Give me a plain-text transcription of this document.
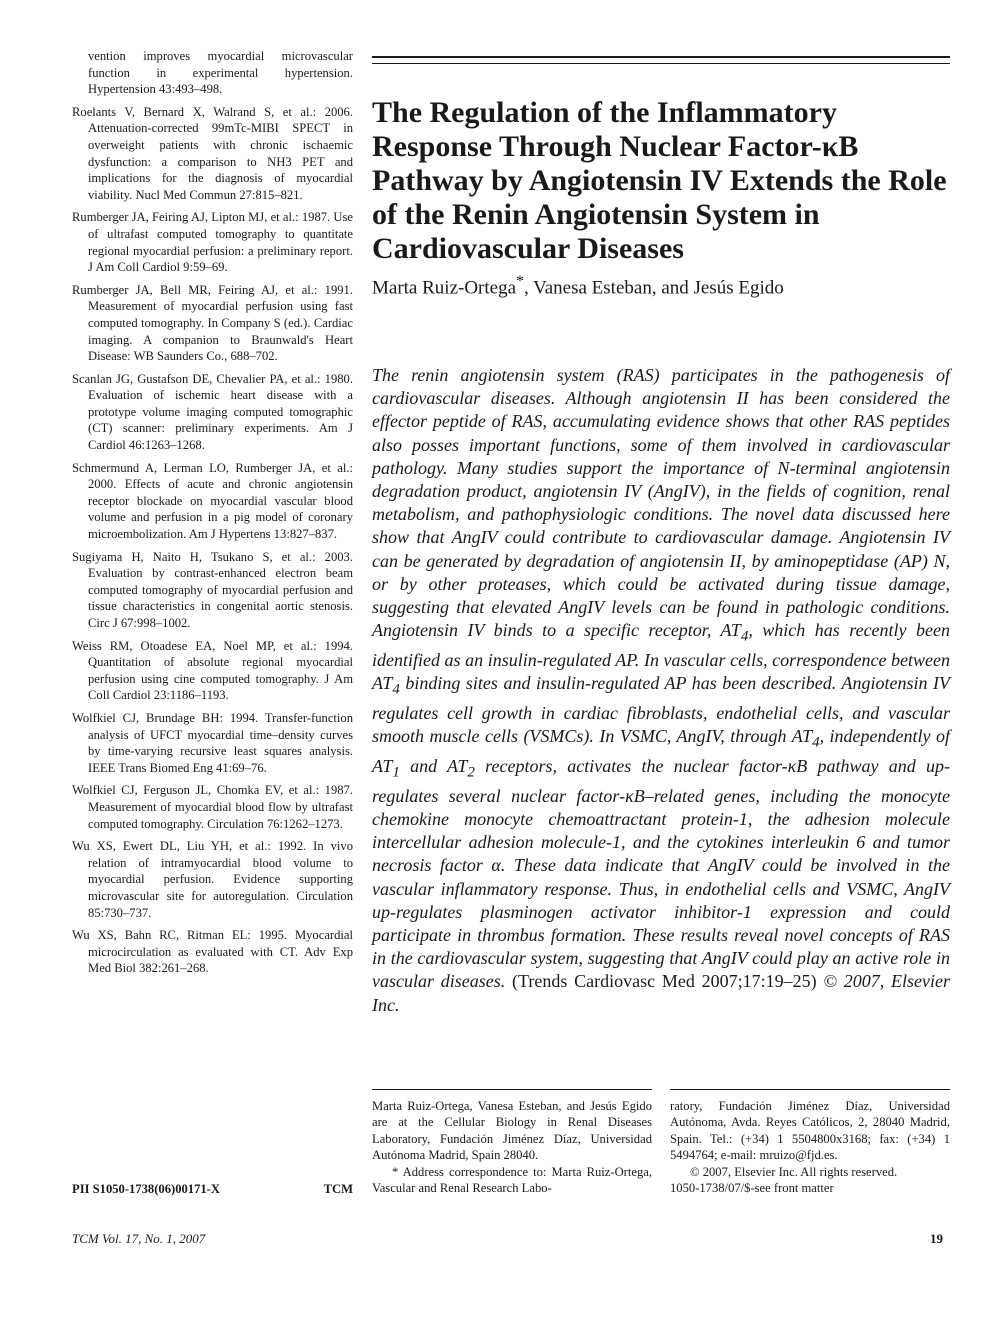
vention improves myocardial microvascular function in experimental hypertension. Hypertension 43:493–498.

Roelants V, Bernard X, Walrand S, et al.: 2006. Attenuation-corrected 99mTc-MIBI SPECT in overweight patients with chronic ischaemic dysfunction: a comparison to NH3 PET and implications for the diagnosis of myocardial viability. Nucl Med Commun 27:815–821.

Rumberger JA, Feiring AJ, Lipton MJ, et al.: 1987. Use of ultrafast computed tomography to quantitate regional myocardial perfusion: a preliminary report. J Am Coll Cardiol 9:59–69.

Rumberger JA, Bell MR, Feiring AJ, et al.: 1991. Measurement of myocardial perfusion using fast computed tomography. In Company S (ed.). Cardiac imaging. A companion to Braunwald's Heart Disease: WB Saunders Co., 688–702.

Scanlan JG, Gustafson DE, Chevalier PA, et al.: 1980. Evaluation of ischemic heart disease with a prototype volume imaging computed tomographic (CT) scanner: preliminary experiments. Am J Cardiol 46:1263–1268.

Schmermund A, Lerman LO, Rumberger JA, et al.: 2000. Effects of acute and chronic angiotensin receptor blockade on myocardial vascular blood volume and perfusion in a pig model of coronary microembolization. Am J Hypertens 13:827–837.

Sugiyama H, Naito H, Tsukano S, et al.: 2003. Evaluation by contrast-enhanced electron beam computed tomography of myocardial perfusion and tissue characteristics in congenital aortic stenosis. Circ J 67:998–1002.

Weiss RM, Otoadese EA, Noel MP, et al.: 1994. Quantitation of absolute regional myocardial perfusion using cine computed tomography. J Am Coll Cardiol 23:1186–1193.

Wolfkiel CJ, Brundage BH: 1994. Transfer-function analysis of UFCT myocardial time–density curves by time-varying recursive least squares analysis. IEEE Trans Biomed Eng 41:69–76.

Wolfkiel CJ, Ferguson JL, Chomka EV, et al.: 1987. Measurement of myocardial blood flow by ultrafast computed tomography. Circulation 76:1262–1273.

Wu XS, Ewert DL, Liu YH, et al.: 1992. In vivo relation of intramyocardial blood volume to myocardial perfusion. Evidence supporting microvascular site for autoregulation. Circulation 85:730–737.

Wu XS, Bahn RC, Ritman EL: 1995. Myocardial microcirculation as evaluated with CT. Adv Exp Med Biol 382:261–268.

PII S1050-1738(06)00171-X	TCM
The Regulation of the Inflammatory Response Through Nuclear Factor-κB Pathway by Angiotensin IV Extends the Role of the Renin Angiotensin System in Cardiovascular Diseases

Marta Ruiz-Ortega*, Vanesa Esteban, and Jesús Egido

The renin angiotensin system (RAS) participates in the pathogenesis of cardiovascular diseases. Although angiotensin II has been considered the effector peptide of RAS, accumulating evidence shows that other RAS peptides also posses important functions, some of them involved in cardiovascular pathology. Many studies support the importance of N-terminal angiotensin degradation product, angiotensin IV (AngIV), in the fields of cognition, renal metabolism, and pathophysiologic conditions. The novel data discussed here show that AngIV could contribute to cardiovascular damage. Angiotensin IV can be generated by degradation of angiotensin II, by aminopeptidase (AP) N, or by other proteases, which could be activated during tissue damage, suggesting that elevated AngIV levels can be found in pathologic conditions. Angiotensin IV binds to a specific receptor, $AT_4$, which has recently been identified as an insulin-regulated AP. In vascular cells, correspondence between $AT_4$ binding sites and insulin-regulated AP has been described. Angiotensin IV regulates cell growth in cardiac fibroblasts, endothelial cells, and vascular smooth muscle cells (VSMCs). In VSMC, AngIV, through $AT_4$, independently of $AT_1$ and $AT_2$ receptors, activates the nuclear factor-κB pathway and up-regulates several nuclear factor-κB–related genes, including the monocyte chemokine monocyte chemoattractant protein-1, the adhesion molecule intercellular adhesion molecule-1, and the cytokines interleukin 6 and tumor necrosis factor α. These data indicate that AngIV could be involved in the vascular inflammatory response. Thus, in endothelial cells and VSMC, AngIV up-regulates plasminogen activator inhibitor-1 expression and could participate in thrombus formation. These results reveal novel concepts of RAS in the cardiovascular system, suggesting that AngIV could play an active role in vascular diseases. (Trends Cardiovasc Med 2007;17:19–25) © 2007, Elsevier Inc.

Marta Ruiz-Ortega, Vanesa Esteban, and Jesús Egido are at the Cellular Biology in Renal Diseases Laboratory, Fundación Jiménez Díaz, Universidad Autónoma Madrid, Spain 28040.

* Address correspondence to: Marta Ruiz-Ortega, Vascular and Renal Research Labo-

ratory, Fundación Jiménez Díaz, Universidad Autónoma, Avda. Reyes Católicos, 2, 28040 Madrid, Spain. Tel.: (+34) 1 5504800x3168; fax: (+34) 1 5494764; e-mail: mruizo@fjd.es.

© 2007, Elsevier Inc. All rights reserved.

1050-1738/07/$-see front matter

TCM Vol. 17, No. 1, 2007	19
